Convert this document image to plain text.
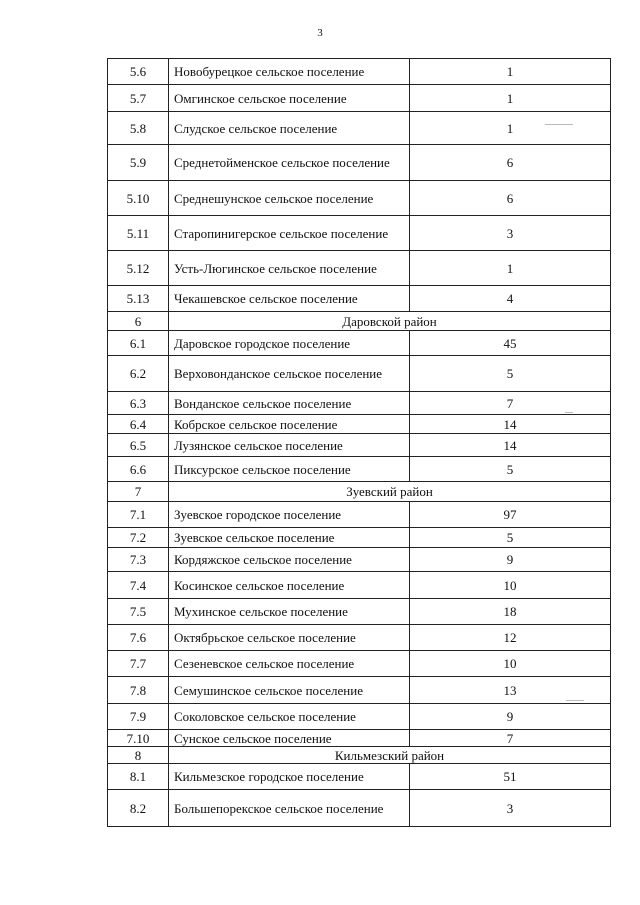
3
5.6	Новобурецкое сельское поселение	1
5.7	Омгинское сельское поселение	1
5.8	Слудское сельское поселение	1
5.9	Среднетойменское сельское поселение	6
5.10	Среднешунское сельское поселение	6
5.11	Старопинигерское сельское поселение	3
5.12	Усть-Люгинское сельское поселение	1
5.13	Чекашевское сельское поселение	4
6	Даровской район	
6.1	Даровское городское поселение	45
6.2	Верховонданское сельское поселение	5
6.3	Вонданское сельское поселение	7
6.4	Кобрское сельское поселение	14
6.5	Лузянское сельское поселение	14
6.6	Пиксурское сельское поселение	5
7	Зуевский район	
7.1	Зуевское городское поселение	97
7.2	Зуевское сельское поселение	5
7.3	Кордяжское сельское поселение	9
7.4	Косинское сельское поселение	10
7.5	Мухинское сельское поселение	18
7.6	Октябрьское сельское поселение	12
7.7	Сезеневское сельское поселение	10
7.8	Семушинское сельское поселение	13
7.9	Соколовское сельское поселение	9
7.10	Сунское сельское поселение	7
8	Кильмезский район	
8.1	Кильмезское городское поселение	51
8.2	Большепорекское сельское поселение	3
